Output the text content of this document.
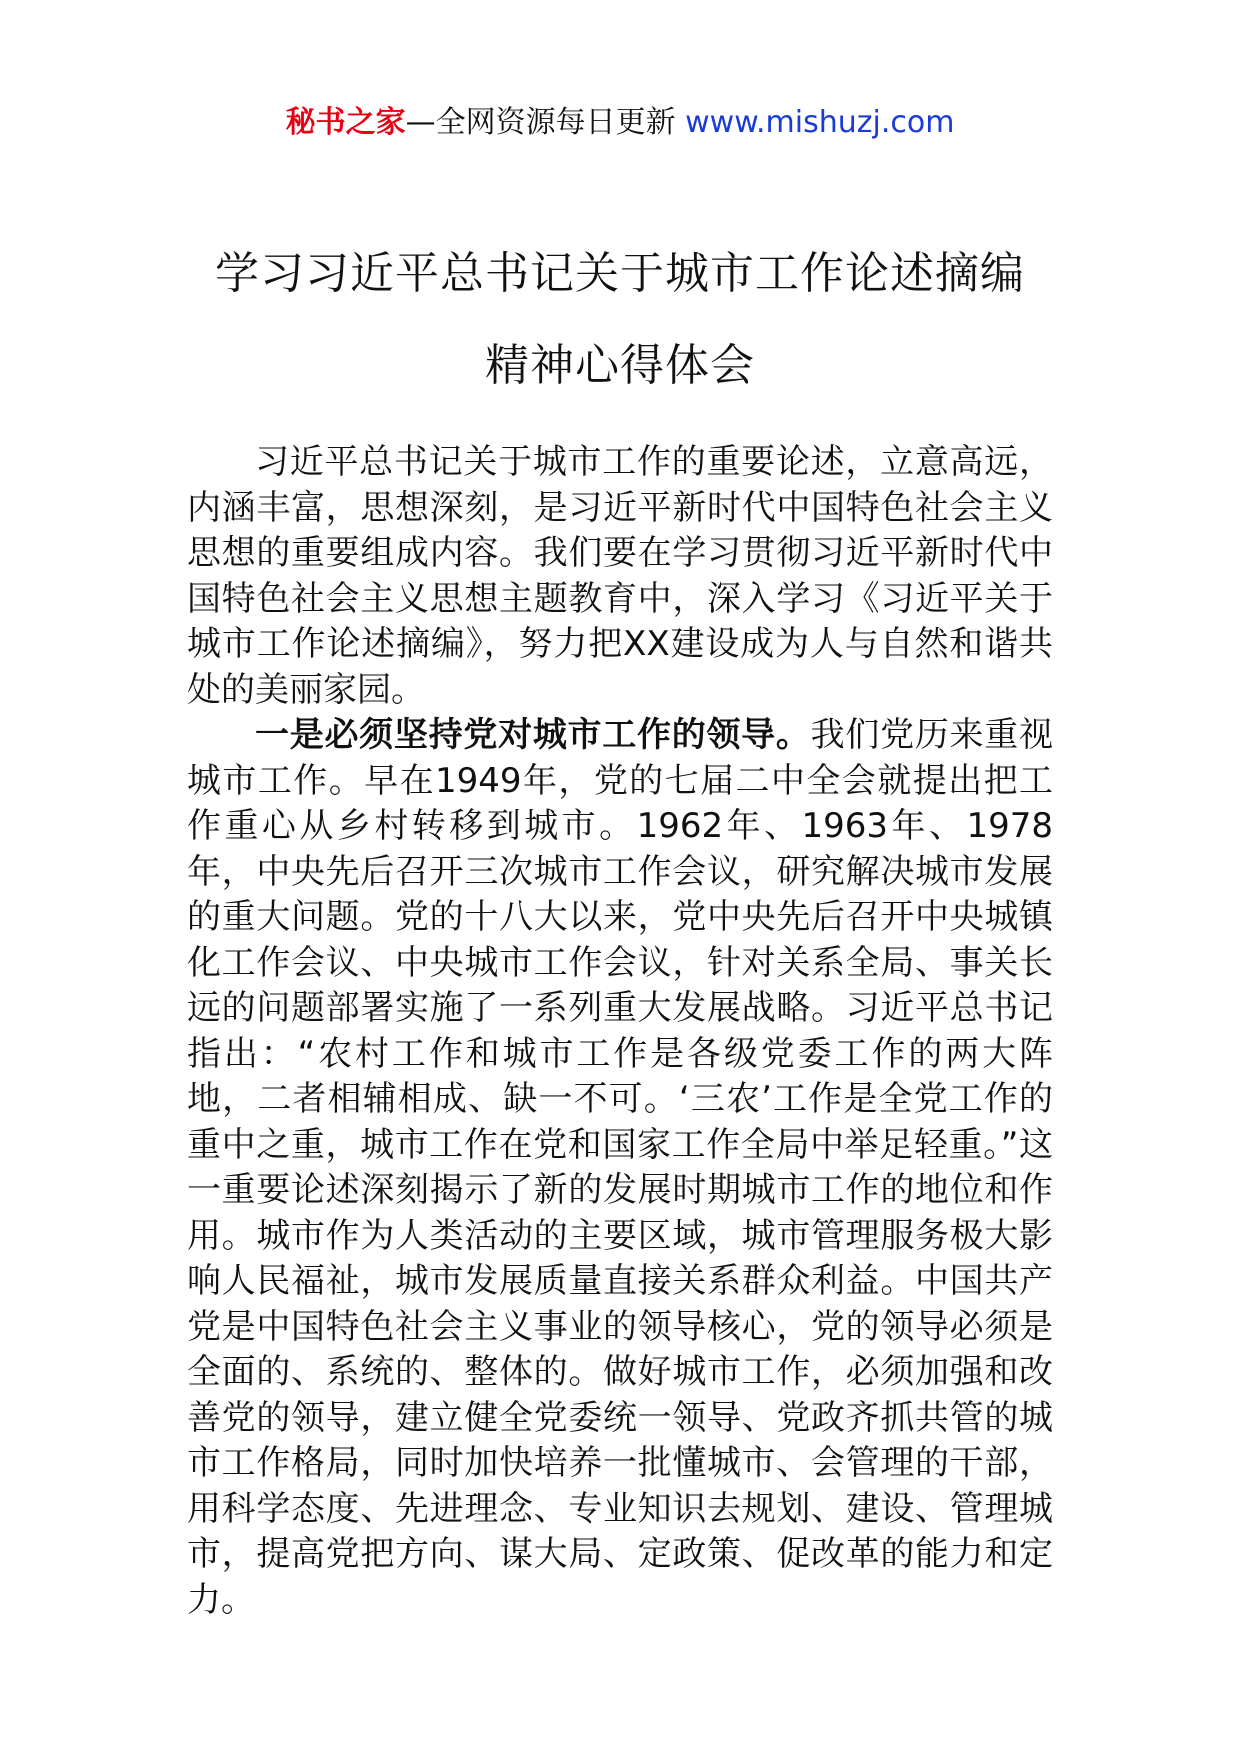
秘书之家—全网资源每日更新 www.mishuzj.com
学习习近平总书记关于城市工作论述摘编
精神心得体会

习近平总书记关于城市工作的重要论述，立意高远，内涵丰富，思想深刻，是习近平新时代中国特色社会主义思想的重要组成内容。我们要在学习贯彻习近平新时代中国特色社会主义思想主题教育中，深入学习《习近平关于城市工作论述摘编》，努力把XX建设成为人与自然和谐共处的美丽家园。

一是必须坚持党对城市工作的领导。我们党历来重视城市工作。早在1949年，党的七届二中全会就提出把工作重心从乡村转移到城市。1962年、1963年、1978年，中央先后召开三次城市工作会议，研究解决城市发展的重大问题。党的十八大以来，党中央先后召开中央城镇化工作会议、中央城市工作会议，针对关系全局、事关长远的问题部署实施了一系列重大发展战略。习近平总书记指出：“农村工作和城市工作是各级党委工作的两大阵地，二者相辅相成、缺一不可。‘三农’工作是全党工作的重中之重，城市工作在党和国家工作全局中举足轻重。”这一重要论述深刻揭示了新的发展时期城市工作的地位和作用。城市作为人类活动的主要区域，城市管理服务极大影响人民福祉，城市发展质量直接关系群众利益。中国共产党是中国特色社会主义事业的领导核心，党的领导必须是全面的、系统的、整体的。做好城市工作，必须加强和改善党的领导，建立健全党委统一领导、党政齐抓共管的城市工作格局，同时加快培养一批懂城市、会管理的干部，用科学态度、先进理念、专业知识去规划、建设、管理城市，提高党把方向、谋大局、定政策、促改革的能力和定力。
